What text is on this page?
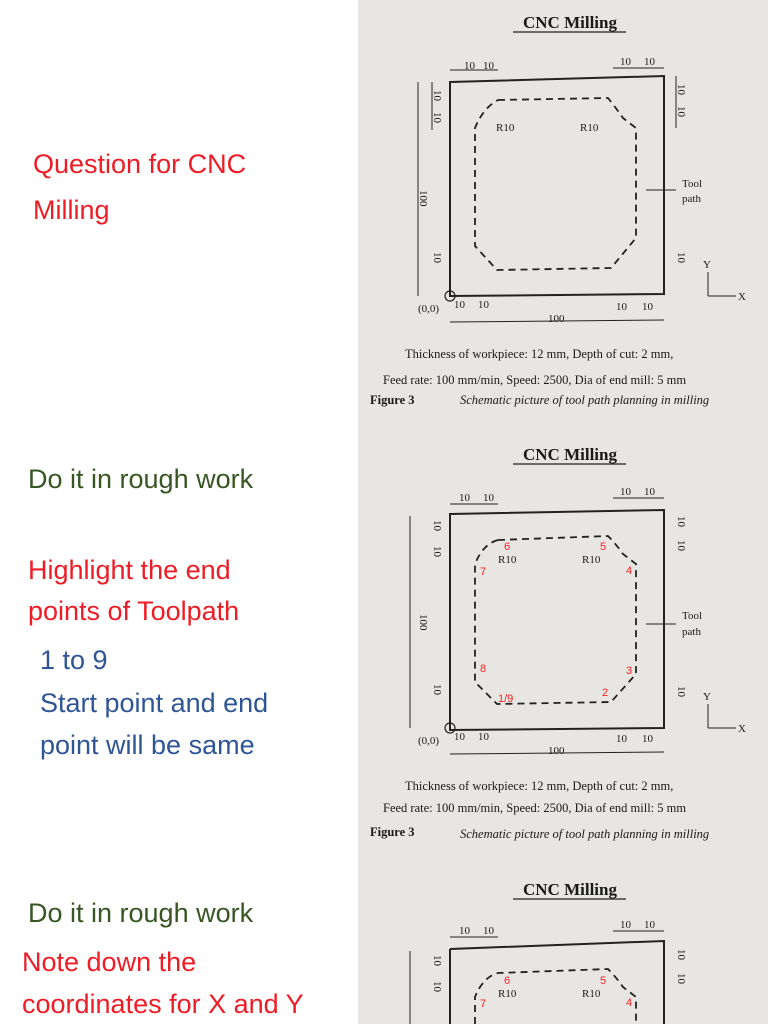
Question for CNC
Milling
Do it in rough work
Highlight the end
points of Toolpath
1 to 9
Start point and end
point will be same
Do it in rough work
Note down the
coordinates for X and Y
CNC Milling
10 10	10 10
100
10
10
10
10
10
10
R10	R10
Tool
path
(0,0) 10 10	10 10
100
Y
X
Thickness of workpiece: 12 mm, Depth of cut: 2 mm,
Feed rate: 100 mm/min, Speed: 2500, Dia of end mill: 5 mm
Figure 3	Schematic picture of tool path planning in milling
CNC Milling
10 10	10 10
100
10
10
10
10
10
10
R10	R10
Tool
path
(0,0) 10 10	10 10
100
Y
X
1/9	2
3
4
5
6
7
8
Thickness of workpiece: 12 mm, Depth of cut: 2 mm,
Feed rate: 100 mm/min, Speed: 2500, Dia of end mill: 5 mm
Figure 3	Schematic picture of tool path planning in milling
CNC Milling
10 10	10 10
10
10
10
10
R10	R10
6	5
4
7
